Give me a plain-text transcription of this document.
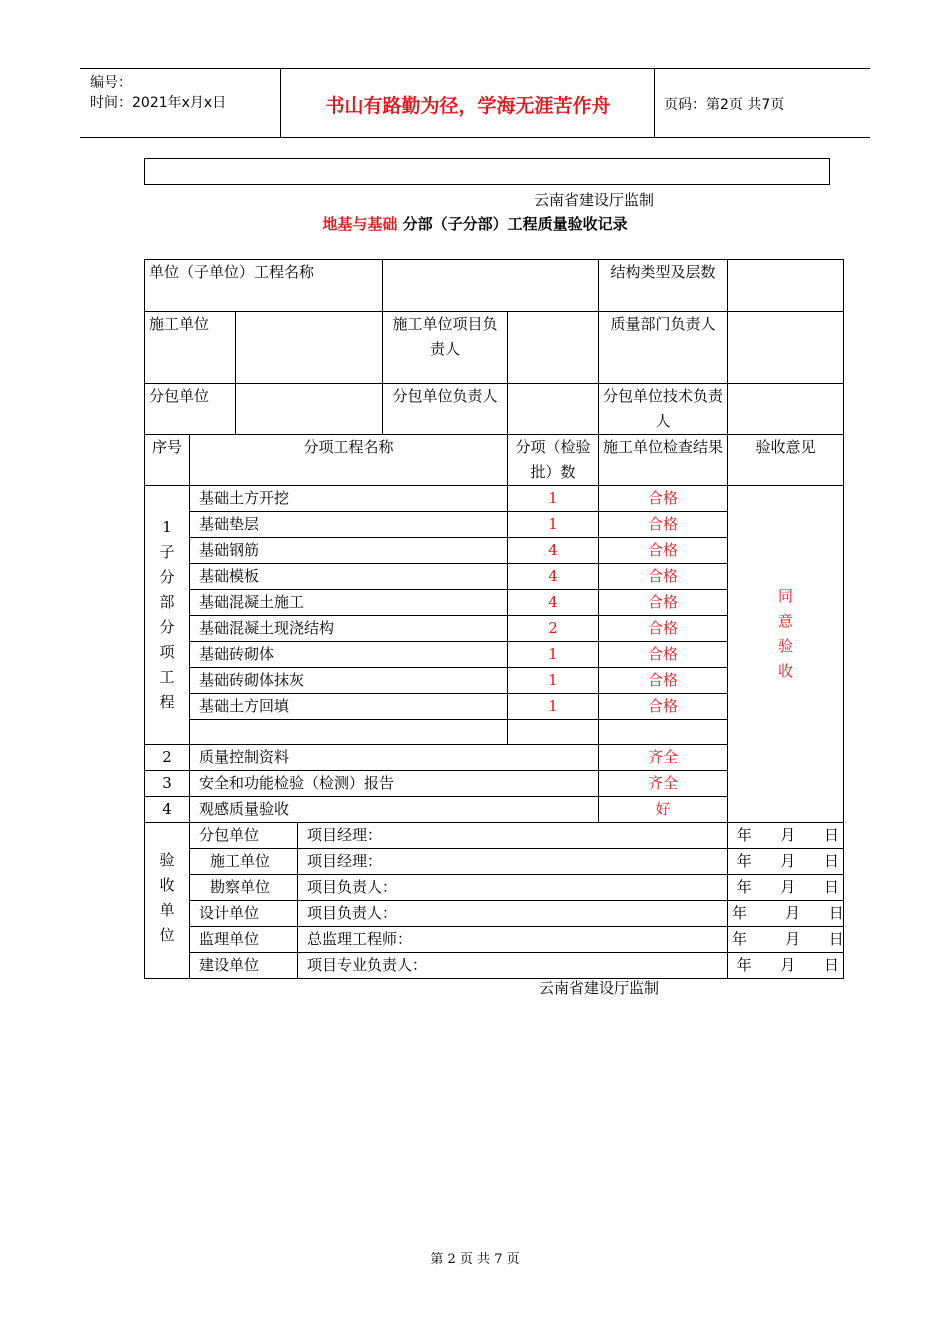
编号：
时间：2021年x月x日	书山有路勤为径，学海无涯苦作舟	页码：第2页 共7页
云南省建设厅监制
地基与基础 分部（子分部）工程质量验收记录
单位（子单位）工程名称						结构类型及层数	
施工单位				施工单位项目负责人		质量部门负责人	
分包单位				分包单位负责人		分包单位技术负责人	
序号	分项工程名称				分项（检验批）数	施工单位检查结果	验收意见
1子分部分项工程	基础土方开挖				1	合格	同意验收
	基础垫层				1	合格	
	基础钢筋				4	合格	
	基础模板				4	合格	
	基础混凝土施工				4	合格	
	基础混凝土现浇结构				2	合格	
	基础砖砌体				1	合格	
	基础砖砌体抹灰				1	合格	
	基础土方回填				1	合格	

2	质量控制资料					齐全	
3	安全和功能检验（检测）报告					齐全	
4	观感质量验收					好	
验收单位	分包单位		项目经理：				年      月      日
	施工单位		项目经理：				年      月      日
	勘察单位		项目负责人：				年      月      日
	设计单位		项目负责人：				年        月      日
	监理单位		总监理工程师：				年        月      日
	建设单位		项目专业负责人：				年      月      日
云南省建设厅监制
第 2 页 共 7 页
